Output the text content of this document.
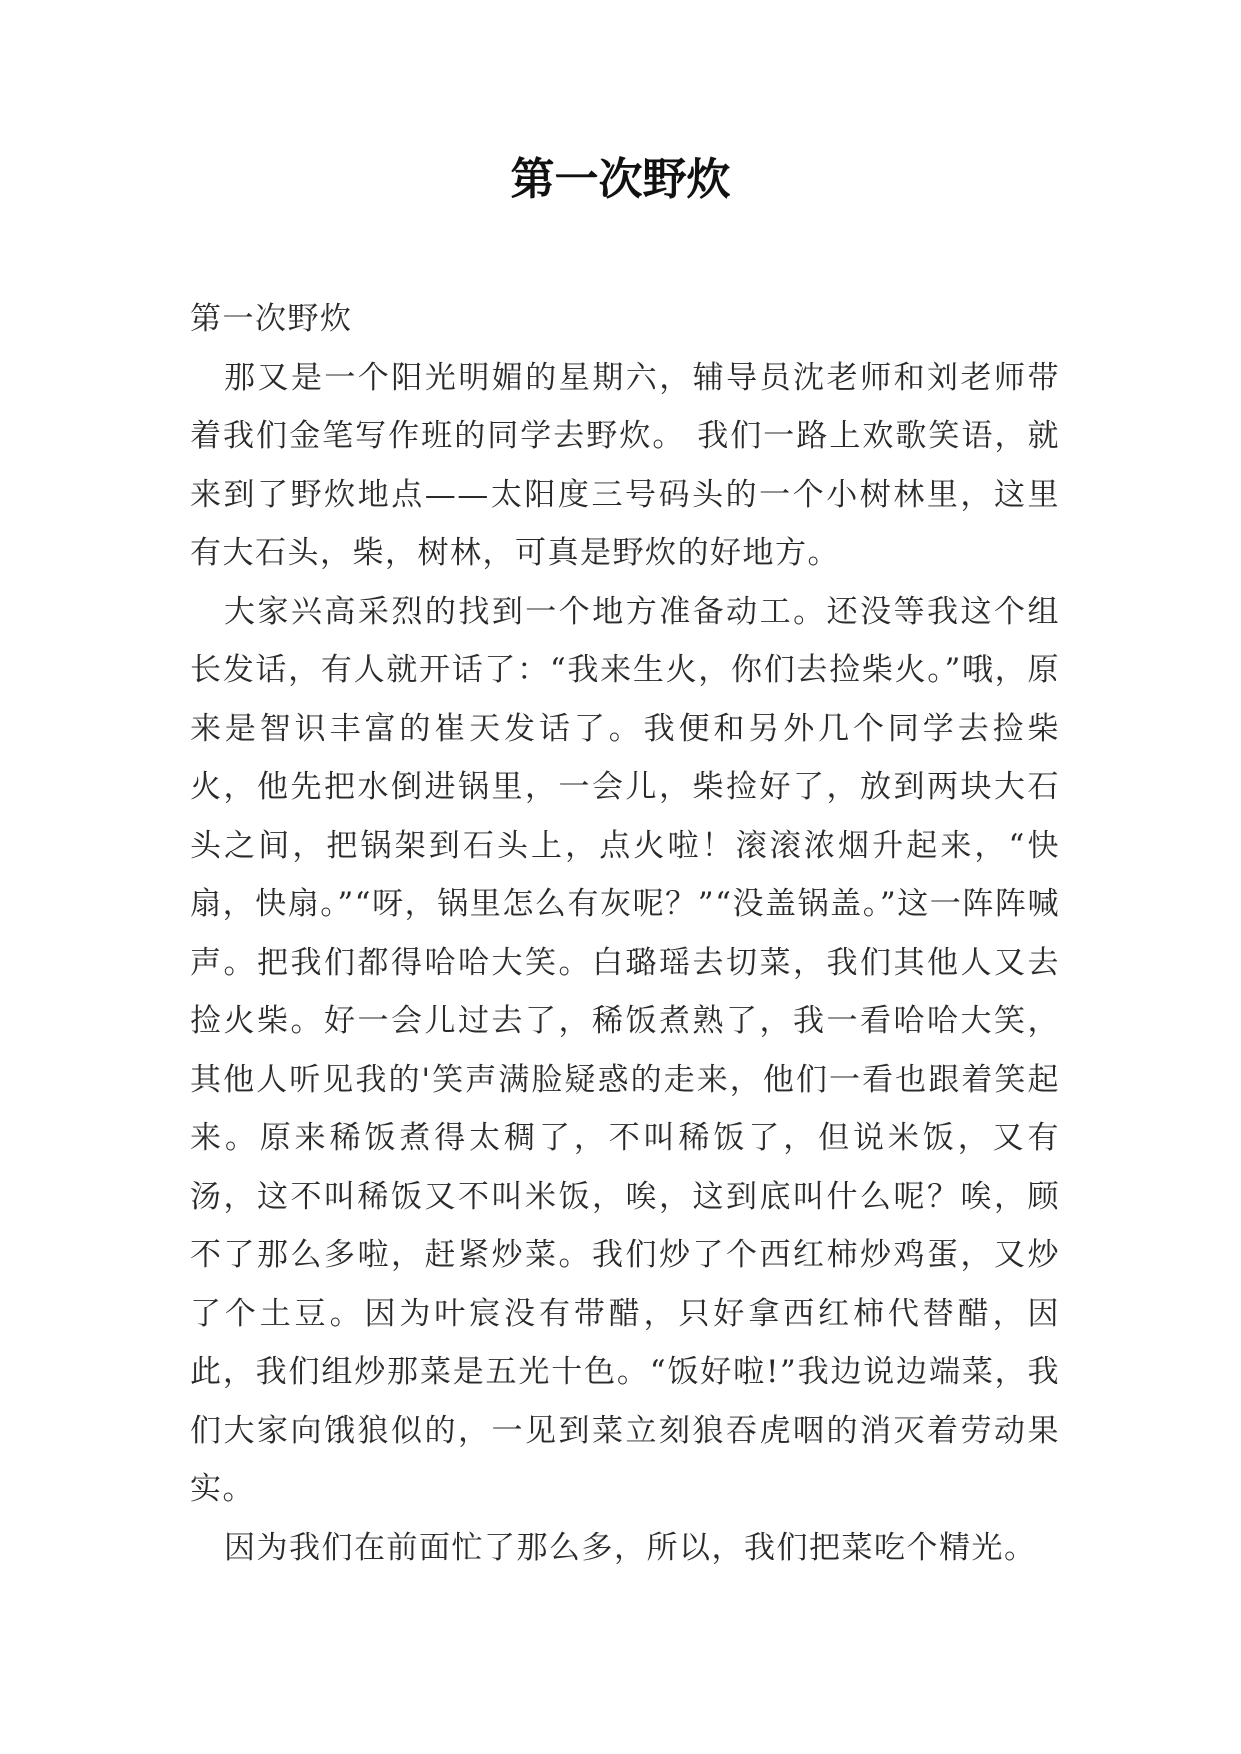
第一次野炊

第一次野炊

那又是一个阳光明媚的星期六，辅导员沈老师和刘老师带着我们金笔写作班的同学去野炊。 我们一路上欢歌笑语，就来到了野炊地点——太阳度三号码头的一个小树林里，这里有大石头，柴，树林，可真是野炊的好地方。

大家兴高采烈的找到一个地方准备动工。还没等我这个组长发话，有人就开话了：“我来生火，你们去捡柴火。”哦，原来是智识丰富的崔天发话了。我便和另外几个同学去捡柴火，他先把水倒进锅里，一会儿，柴捡好了，放到两块大石头之间，把锅架到石头上，点火啦！滚滚浓烟升起来，“快扇，快扇。”“呀，锅里怎么有灰呢？”“没盖锅盖。”这一阵阵喊声。把我们都得哈哈大笑。白璐瑶去切菜，我们其他人又去捡火柴。好一会儿过去了，稀饭煮熟了，我一看哈哈大笑，其他人听见我的'笑声满脸疑惑的走来，他们一看也跟着笑起来。原来稀饭煮得太稠了，不叫稀饭了，但说米饭，又有汤，这不叫稀饭又不叫米饭，唉，这到底叫什么呢？唉，顾不了那么多啦，赶紧炒菜。我们炒了个西红柿炒鸡蛋，又炒了个土豆。因为叶宸没有带醋，只好拿西红柿代替醋，因此，我们组炒那菜是五光十色。“饭好啦!”我边说边端菜，我们大家向饿狼似的，一见到菜立刻狼吞虎咽的消灭着劳动果实。

因为我们在前面忙了那么多，所以，我们把菜吃个精光。
